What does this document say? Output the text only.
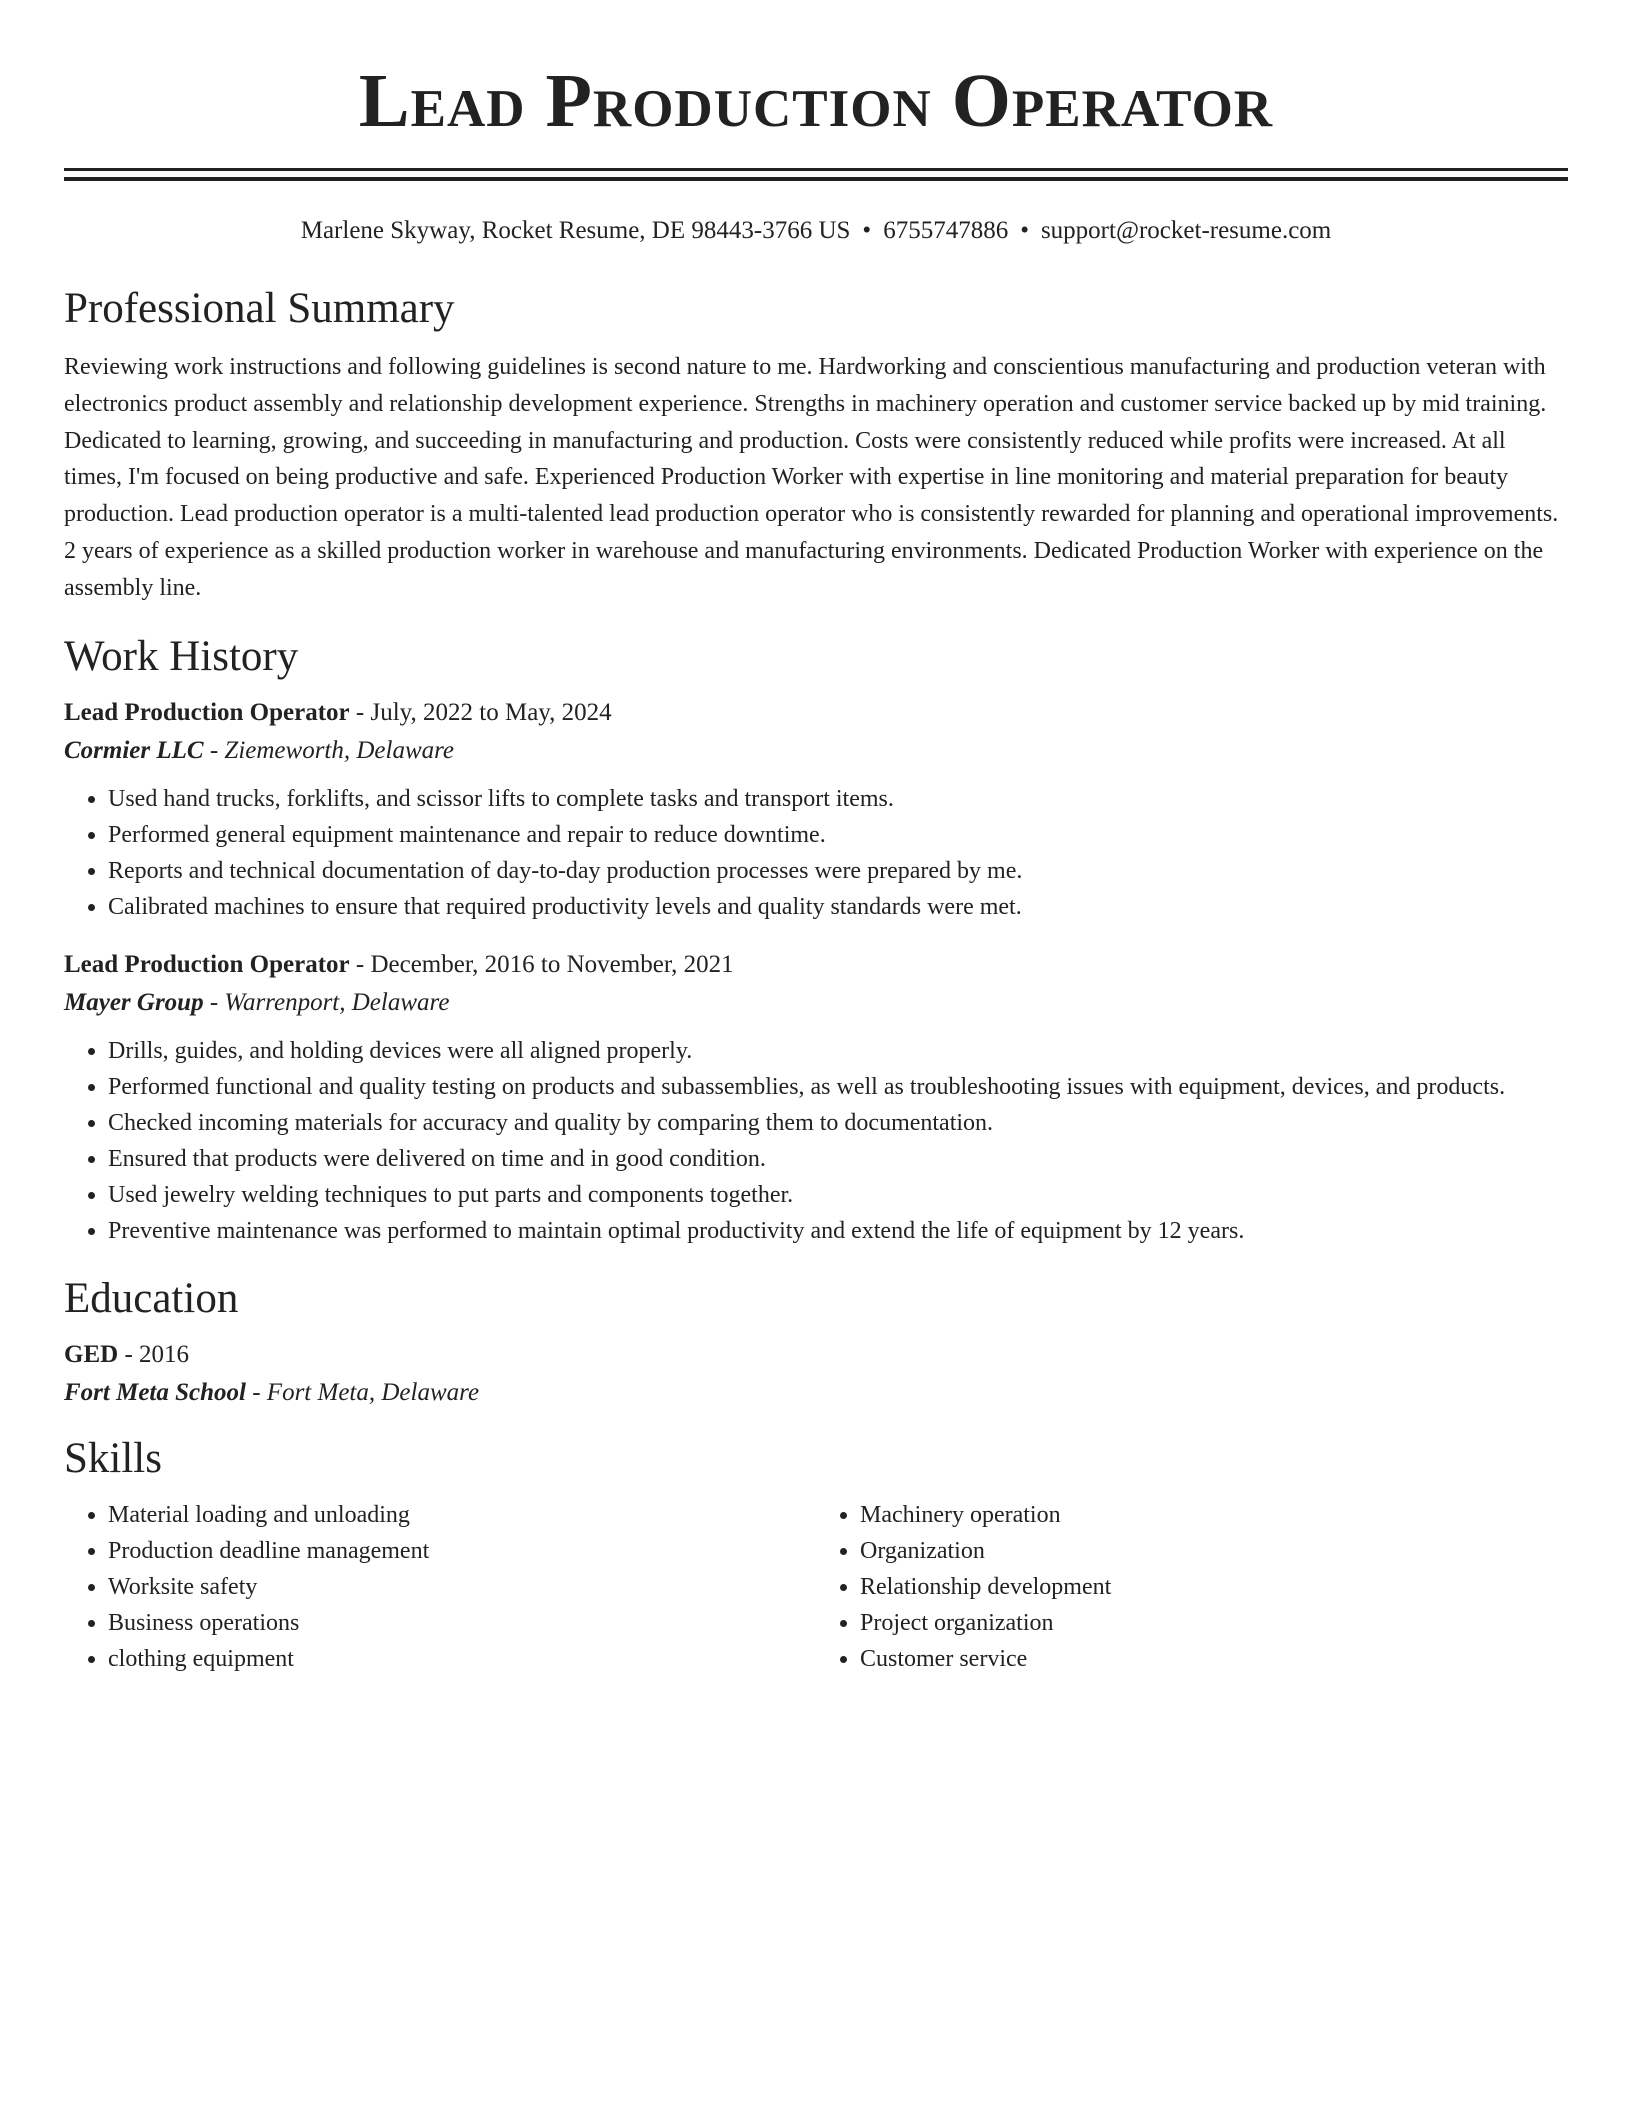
Lead Production Operator
Marlene Skyway, Rocket Resume, DE 98443-3766 US • 6755747886 • support@rocket-resume.com
Professional Summary
Reviewing work instructions and following guidelines is second nature to me. Hardworking and conscientious manufacturing and production veteran with electronics product assembly and relationship development experience. Strengths in machinery operation and customer service backed up by mid training. Dedicated to learning, growing, and succeeding in manufacturing and production. Costs were consistently reduced while profits were increased. At all times, I'm focused on being productive and safe. Experienced Production Worker with expertise in line monitoring and material preparation for beauty production. Lead production operator is a multi-talented lead production operator who is consistently rewarded for planning and operational improvements. 2 years of experience as a skilled production worker in warehouse and manufacturing environments. Dedicated Production Worker with experience on the assembly line.
Work History
Lead Production Operator - July, 2022 to May, 2024
Cormier LLC - Ziemeworth, Delaware
• Used hand trucks, forklifts, and scissor lifts to complete tasks and transport items.
• Performed general equipment maintenance and repair to reduce downtime.
• Reports and technical documentation of day-to-day production processes were prepared by me.
• Calibrated machines to ensure that required productivity levels and quality standards were met.
Lead Production Operator - December, 2016 to November, 2021
Mayer Group - Warrenport, Delaware
• Drills, guides, and holding devices were all aligned properly.
• Performed functional and quality testing on products and subassemblies, as well as troubleshooting issues with equipment, devices, and products.
• Checked incoming materials for accuracy and quality by comparing them to documentation.
• Ensured that products were delivered on time and in good condition.
• Used jewelry welding techniques to put parts and components together.
• Preventive maintenance was performed to maintain optimal productivity and extend the life of equipment by 12 years.
Education
GED - 2016
Fort Meta School - Fort Meta, Delaware
Skills
• Material loading and unloading
• Production deadline management
• Worksite safety
• Business operations
• clothing equipment
• Machinery operation
• Organization
• Relationship development
• Project organization
• Customer service
